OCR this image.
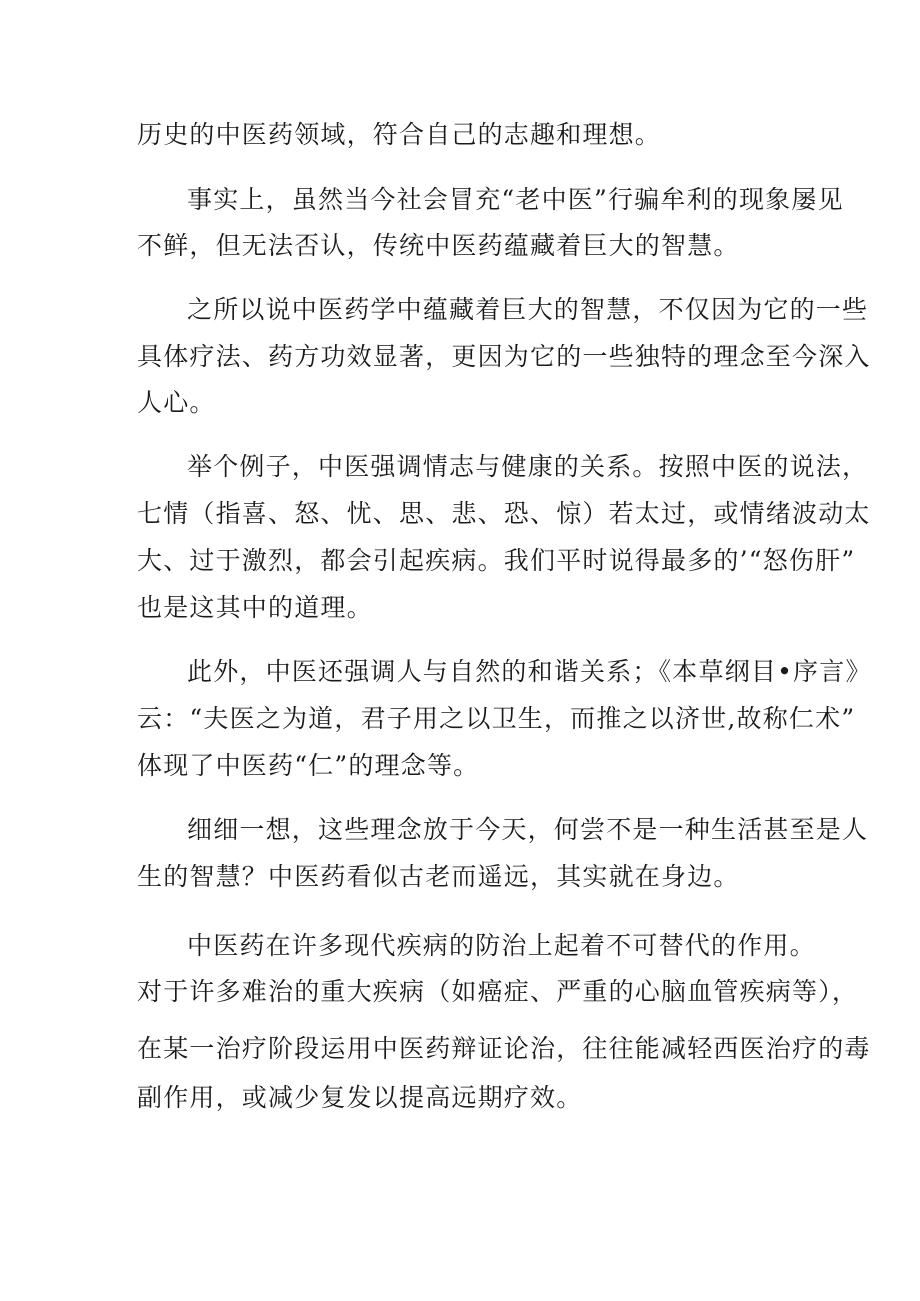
历史的中医药领域，符合自己的志趣和理想。
事实上，虽然当今社会冒充“老中医”行骗牟利的现象屡见
不鲜，但无法否认，传统中医药蕴藏着巨大的智慧。
之所以说中医药学中蕴藏着巨大的智慧，不仅因为它的一些
具体疗法、药方功效显著，更因为它的一些独特的理念至今深入
人心。
举个例子，中医强调情志与健康的关系。按照中医的说法，
七情（指喜、怒、忧、思、悲、恐、惊）若太过，或情绪波动太
大、过于激烈，都会引起疾病。我们平时说得最多的’“怒伤肝”
也是这其中的道理。
此外，中医还强调人与自然的和谐关系；《本草纲目•序言》
云：“夫医之为道，君子用之以卫生，而推之以济世,故称仁术”
体现了中医药“仁”的理念等。
细细一想，这些理念放于今天，何尝不是一种生活甚至是人
生的智慧？中医药看似古老而遥远，其实就在身边。
中医药在许多现代疾病的防治上起着不可替代的作用。
对于许多难治的重大疾病（如癌症、严重的心脑血管疾病等），
在某一治疗阶段运用中医药辩证论治，往往能减轻西医治疗的毒
副作用，或减少复发以提高远期疗效。
